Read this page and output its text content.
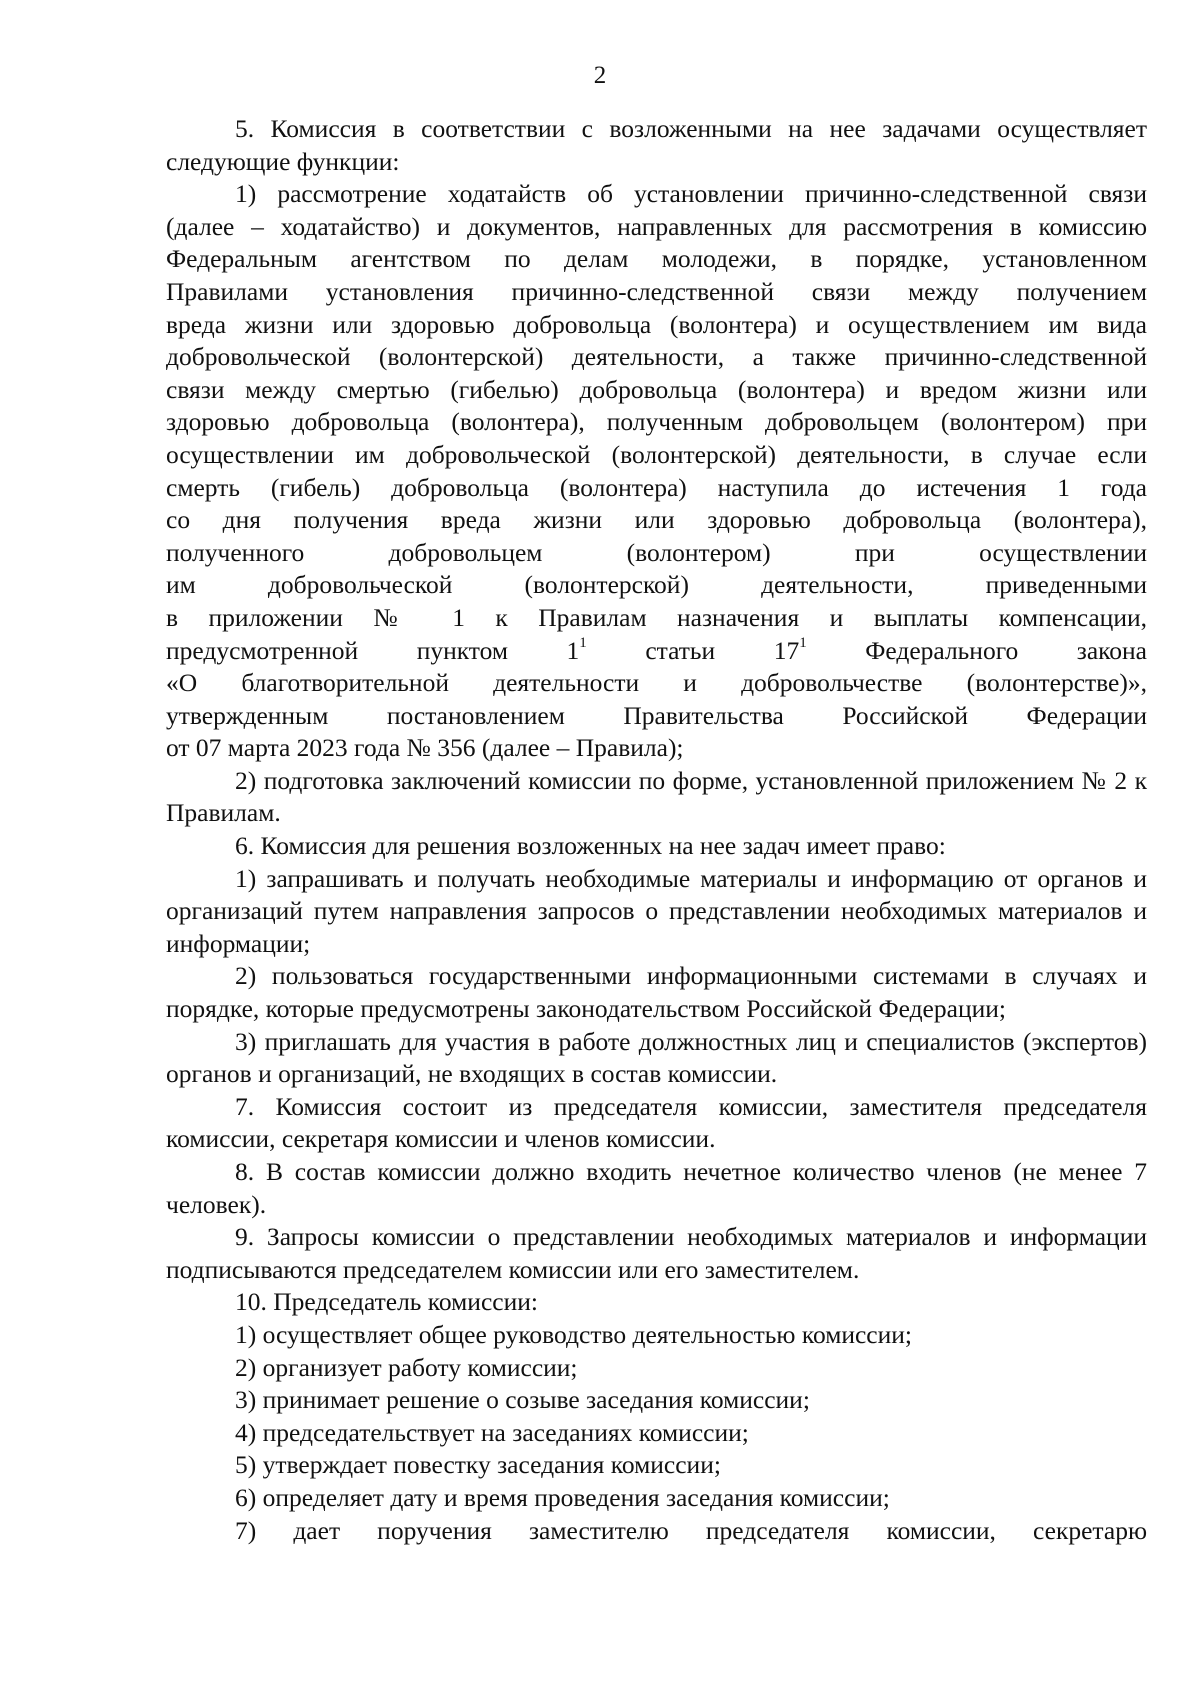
2

5. Комиссия в соответствии с возложенными на нее задачами осуществляет следующие функции:

1) рассмотрение ходатайств об установлении причинно-следственной связи
(далее – ходатайство) и документов, направленных для рассмотрения в комиссию
Федеральным агентством по делам молодежи, в порядке, установленном
Правилами установления причинно-следственной связи между получением
вреда жизни или здоровью добровольца (волонтера) и осуществлением им вида
добровольческой (волонтерской) деятельности, а также причинно-следственной
связи между смертью (гибелью) добровольца (волонтера) и вредом жизни или
здоровью добровольца (волонтера), полученным добровольцем (волонтером) при
осуществлении им добровольческой (волонтерской) деятельности, в случае если
смерть (гибель) добровольца (волонтера) наступила до истечения 1 года
со дня получения вреда жизни или здоровью добровольца (волонтера),
полученного добровольцем (волонтером) при осуществлении
им добровольческой (волонтерской) деятельности, приведенными
в приложении № 1 к Правилам назначения и выплаты компенсации,
предусмотренной пунктом $1^1$ статьи $17^1$ Федерального закона
«О благотворительной деятельности и добровольчестве (волонтерстве)»,
утвержденным постановлением Правительства Российской Федерации
от 07 марта 2023 года № 356 (далее – Правила);

2) подготовка заключений комиссии по форме, установленной приложением № 2 к Правилам.

6. Комиссия для решения возложенных на нее задач имеет право:

1) запрашивать и получать необходимые материалы и информацию от органов и организаций путем направления запросов о представлении необходимых материалов и информации;

2) пользоваться государственными информационными системами в случаях и порядке, которые предусмотрены законодательством Российской Федерации;

3) приглашать для участия в работе должностных лиц и специалистов (экспертов) органов и организаций, не входящих в состав комиссии.

7. Комиссия состоит из председателя комиссии, заместителя председателя комиссии, секретаря комиссии и членов комиссии.

8. В состав комиссии должно входить нечетное количество членов (не менее 7 человек).

9. Запросы комиссии о представлении необходимых материалов и информации подписываются председателем комиссии или его заместителем.

10. Председатель комиссии:

1) осуществляет общее руководство деятельностью комиссии;

2) организует работу комиссии;

3) принимает решение о созыве заседания комиссии;

4) председательствует на заседаниях комиссии;

5) утверждает повестку заседания комиссии;

6) определяет дату и время проведения заседания комиссии;

7) дает поручения заместителю председателя комиссии, секретарю
